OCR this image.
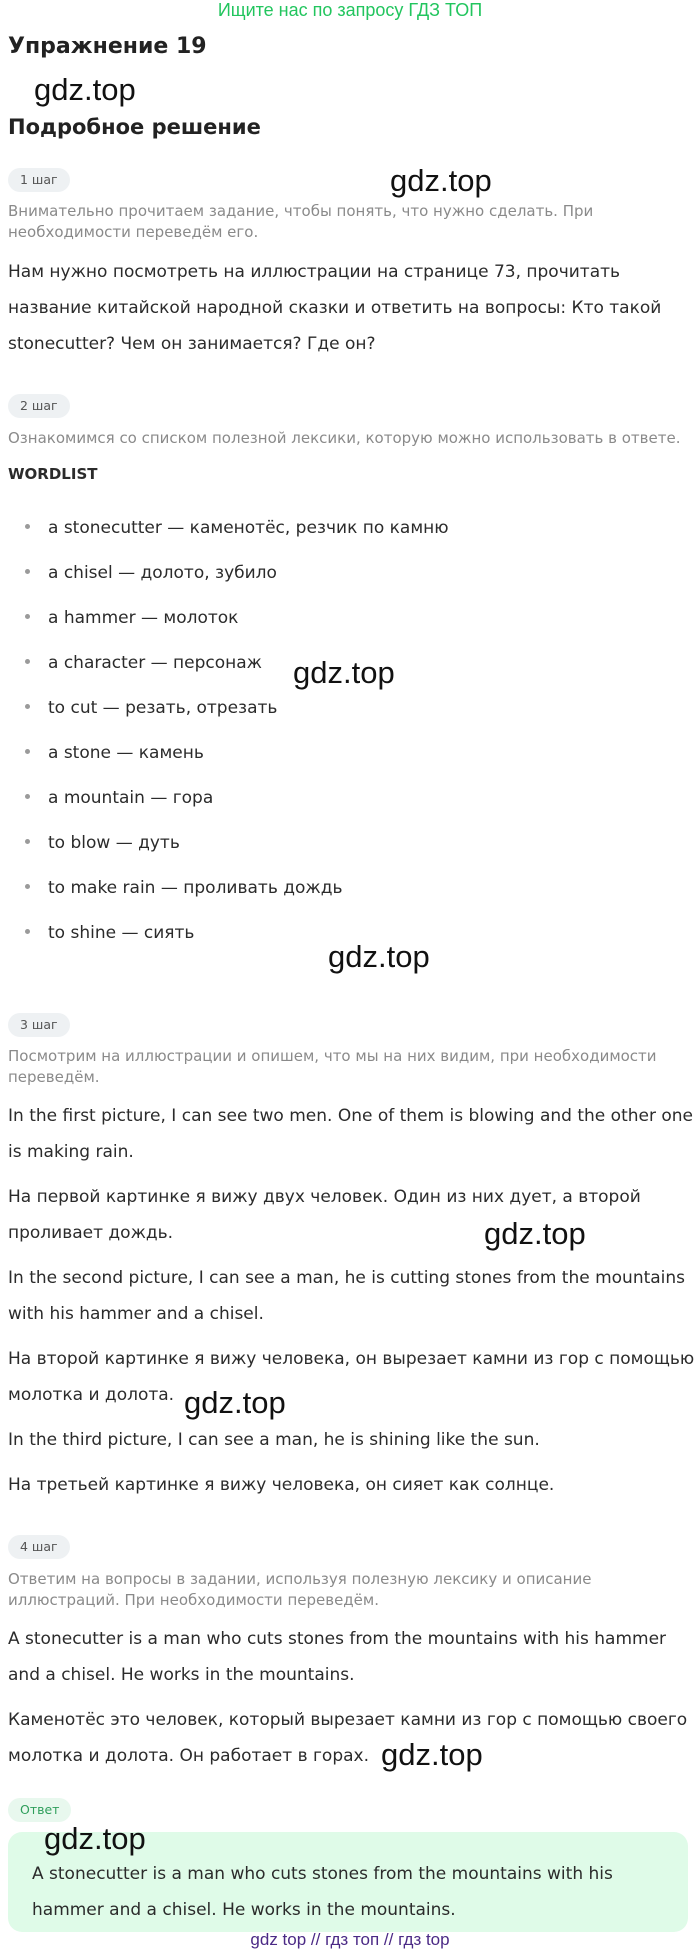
Ищите нас по запросу ГДЗ ТОП
Упражнение 19
gdz.top
Подробное решение
1 шаг	gdz.top
Внимательно прочитаем задание, чтобы понять, что нужно сделать. При необходимости переведём его.
Нам нужно посмотреть на иллюстрации на странице 73, прочитать название китайской народной сказки и ответить на вопросы: Кто такой stonecutter? Чем он занимается? Где он?
2 шаг
Ознакомимся со списком полезной лексики, которую можно использовать в ответе.
WORDLIST
a stonecutter — каменотёс, резчик по камню
a chisel — долото, зубило
a hammer — молоток
a character — персонаж gdz.top
to cut — резать, отрезать
a stone — камень
a mountain — гора
to blow — дуть
to make rain — проливать дождь
to shine — сиять
gdz.top
3 шаг
Посмотрим на иллюстрации и опишем, что мы на них видим, при необходимости переведём.
In the first picture, I can see two men. One of them is blowing and the other one is making rain.
На первой картинке я вижу двух человек. Один из них дует, а второй проливает дождь.	gdz.top
In the second picture, I can see a man, he is cutting stones from the mountains with his hammer and a chisel.
На второй картинке я вижу человека, он вырезает камни из гор с помощью молотка и долота. gdz.top
In the third picture, I can see a man, he is shining like the sun.
На третьей картинке я вижу человека, он сияет как солнце.
4 шаг
Ответим на вопросы в задании, используя полезную лексику и описание иллюстраций. При необходимости переведём.
A stonecutter is a man who cuts stones from the mountains with his hammer and a chisel. He works in the mountains.
Каменотёс это человек, который вырезает камни из гор с помощью своего молотка и долота. Он работает в горах. gdz.top
Ответ
gdz.top
A stonecutter is a man who cuts stones from the mountains with his hammer and a chisel. He works in the mountains.
gdz top // гдз топ // гдз top
